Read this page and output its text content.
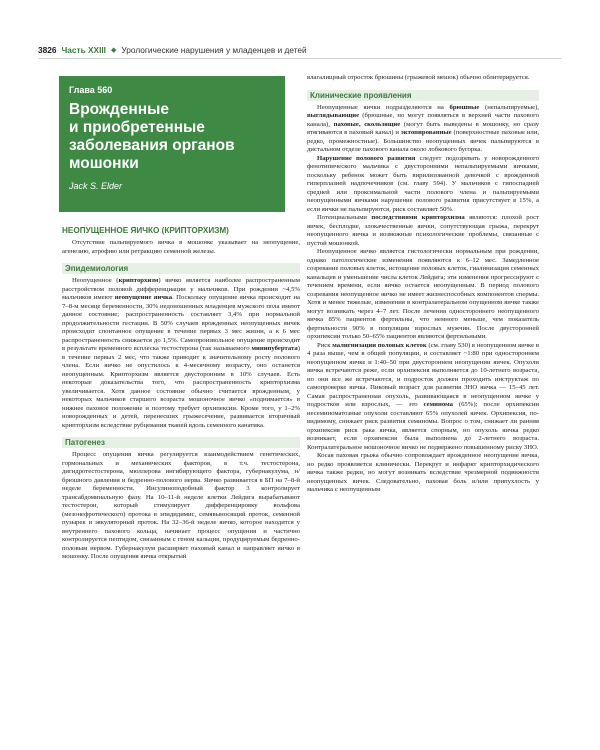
3826 Часть XXIII ◆ Урологические нарушения у младенцев и детей
Глава 560
Врожденные
и приобретенные
заболевания органов
мошонки
Jack S. Elder
НЕОПУЩЕННОЕ ЯИЧКО (КРИПТОРХИЗМ)

Отсутствие пальпируемого яичка в мошонке указывает на неопущение, агенезию, атрофию или ретракцию семенной железы.

Эпидемиология

Неопущенное (крипторхизм) яичко является наиболее распространенным расстройством половой дифференциации у мальчиков. При рождении ~4,5% мальчиков имеют неопущение яичка. Поскольку опущение яичка происходит на 7–8-м месяце беременности, 30% недоношенных младенцев мужского пола имеют данное состояние; распространенность составляет 3,4% при нормальной продолжительности гестации. В 50% случаев врожденных неопущенных яичек происходит спонтанное опущение в течение первых 3 мес жизни, а к 6 мес распространенность снижается до 1,5%. Самопроизвольное опущение происходит в результате временного всплеска тестостерона (так называемого минипубертата) в течение первых 2 мес, что также приводит к значительному росту полового члена. Если яичко не опустилось к 4-месячному возрасту, оно останется неопущенным. Крипторхизм является двусторонним в 10% случаев. Есть некоторые доказательства того, что распространенность крипторхизма увеличивается. Хотя данное состояние обычно считается врожденным, у некоторых мальчиков старшего возраста мошоночное яичко «поднимается» в нижнее паховое положение и поэтому требует орхипексии. Кроме того, у 1–2% новорожденных и детей, перенесших грыжесечение, развивается вторичный крипторхизм вследствие рубцевания тканей вдоль семенного канатика.

Патогенез

Процесс опущения яичка регулируется взаимодействием генетических, гормональных и механических факторов, в т.ч. тестостерона, дигидротестостерона, мюллерова ингибирующего фактора, губернакулума, н/брюшного давления и бедренно-полового нерва. Яичко развивается в БП на 7–8-й неделе беременности. Инсулиноподобный фактор 3 контролирует трансабдоминальную фазу. На 10–11-й неделе клетки Лейдига вырабатывают тестостерон, который стимулирует дифференцировку вольфова (мезонефротического) протока в эпидидимис, семявыносящий проток, семенной пузырек и эякуляторный проток. На 32–36-й неделе яичко, которое находится у внутреннего пахового кольца, начинает процесс опущения и частично контролируется пептидом, связанным с геном кальция, продуцируемым бедренно-половым нервом. Губернакулум расширяет паховый канал и направляет яичко в мошонку. После опущения яичка открытый

влагалищный отросток брюшины (грыжевой мешок) обычно облитерируется.

Клинические проявления

Неопущенные яички подразделяются на брюшные (непальпируемые), выглядывающие (брюшные, но могут появляться в верхней части пахового канала), паховые, скользящие (могут быть выведены в мошонку, но сразу втягиваются в паховый канал) и эктопированные (поверхностные паховые или, редко, промежностные). Большинство неопущенных яичек пальпируются в дистальном отделе пахового канала около лобкового бугорка.

Нарушение полового развития следует подозревать у новорожденного фенотипического мальчика с двусторонними непальпируемыми яичками, поскольку ребенок может быть вирилизованной девочкой с врожденной гиперплазией надпочечников (см. главу 594). У мальчиков с гипоспадией средней или проксимальной части полового члена и пальпируемыми неопущенными яичками нарушение полового развития присутствует в 15%, а если яички не пальпируются, риск составляет 50%.

Потенциальными последствиями крипторхизма являются: плохой рост яичек, бесплодие, злокачественные яички, сопутствующая грыжа, перекрут неопущенного яичка и возможные психологические проблемы, связанные с пустой мошонкой.

Неопущенное яичко является гистологически нормальным при рождении, однако патологические изменения появляются к 6–12 мес. Замедленное созревание половых клеток, истощение половых клеток, гиалинизация семенных канальцев и уменьшение числа клеток Лейдига; эти изменения прогрессируют с течением времени, если яичко остается неопущенным. В период полового созревания неопущенное яичко не имеет жизнеспособных компонентов спермы. Хотя и менее тяжелые, изменения в контралатеральном опущенном яичке также могут возникать через 4–7 лет. После лечения одностороннего неопущенного яичка 85% пациентов фертильны, что немного меньше, чем показатель фертильности 90% в популяции взрослых мужчин. После двусторонней орхипексии только 50–65% пациентов являются фертильными.

Риск малигнизации половых клеток (см. главу 530) в неопущенном яичке в 4 раза выше, чем в общей популяции, и составляет ~1:80 при одностороннем неопущенном яичке и 1:40–50 при двустороннем неопущении яичек. Опухоли яичка встречаются реже, если орхипексия выполняется до 10-летнего возраста, но они все же встречаются, и подросток должен проходить инструктаж по самопроверке яичка. Пиковый возраст для развития ЗНО яичка — 15–45 лет. Самая распространенная опухоль, развивающаяся в неопущенном яичке у подростков или взрослых, — это семинома (65%); после орхипексии несеминоматозные опухоли составляют 65% опухолей яичек. Орхипексия, по-видимому, снижает риск развития семиномы. Вопрос о том, снижает ли ранняя орхипексия риск рака яичка, является спорным, но опухоль яичка редко возникает, если орхипексия была выполнена до 2-летнего возраста. Контралатеральное мошоночное яичко не подвержено повышенному риску ЗНО.

Косая паховая грыжа обычно сопровождает врожденное неопущение яичка, но редко проявляется клинически. Перекрут и инфаркт крипторхидического яичка также редки, но могут возникать вследствие чрезмерной подвижности неопущенных яичек. Следовательно, паховая боль и/или припухлость у мальчика с неопущенным
